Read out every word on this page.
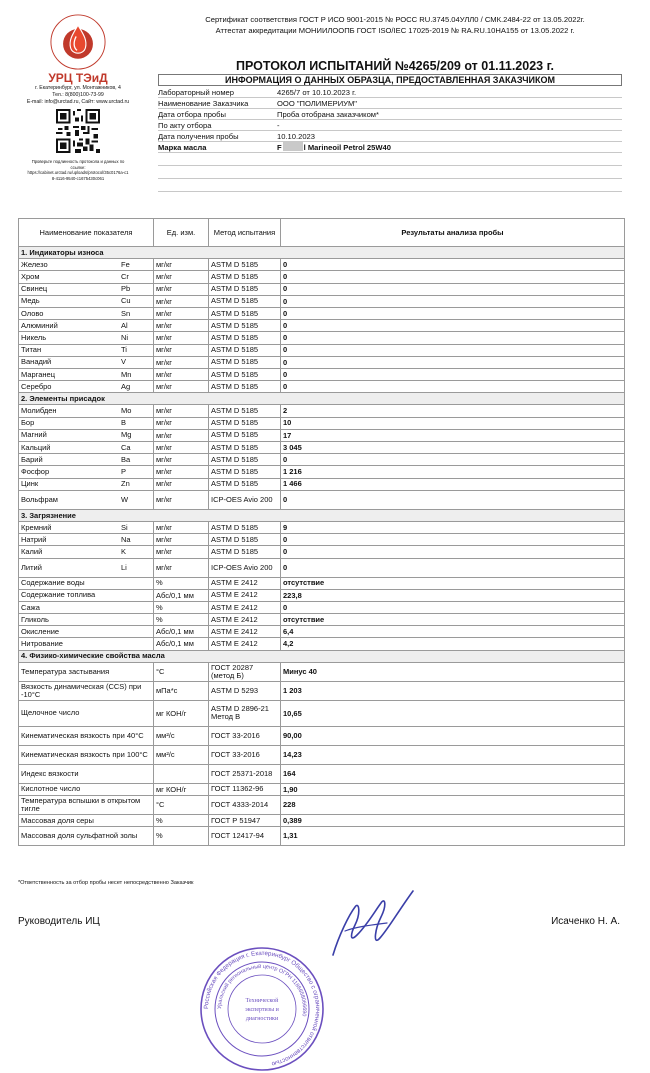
УРЦ ТЭиД
г. Екатеринбург, ул. Монтажников, 4
Тел.: 8(800)100-73-99
E-mail: info@urctad.ru, Сайт: www.urctad.ru
Проверьте подлинность протокола и данных по
ссылке:
https://cabinet.urctad.ru/uploads/protocol/35c0176a-c1
8-4116-9540-c1675430c061
Сертификат соответствия ГОСТ Р ИСО 9001-2015 № РОСС RU.3745.04УЛЛ0 / СМК.2484-22 от 13.05.2022г.
Аттестат аккредитации МОНИИЛООПБ ГОСТ ISO/IEC 17025-2019 № RA.RU.10НА155 от 13.05.2022 г.
ПРОТОКОЛ ИСПЫТАНИЙ №4265/209 от 01.11.2023 г.
ИНФОРМАЦИЯ О ДАННЫХ ОБРАЗЦА, ПРЕДОСТАВЛЕННАЯ ЗАКАЗЧИКОМ
Лабораторный номер	4265/7 от 10.10.2023 г.
Наименование Заказчика	ООО "ПОЛИМЕРИУМ"
Дата отбора пробы	Проба отобрана заказчиком*
По акту отбора	-
Дата получения пробы	10.10.2023
Марка масла	F	l Marineoil Petrol 25W40
Наименование показателя	Ед. изм.	Метод испытания	Результаты анализа пробы
1. Индикаторы износа			
Железо Fe	мг/кг	ASTM D 5185	0
Хром Cr	мг/кг	ASTM D 5185	0
Свинец Pb	мг/кг	ASTM D 5185	0
Медь Cu	мг/кг	ASTM D 5185	0
Олово Sn	мг/кг	ASTM D 5185	0
Алюминий Al	мг/кг	ASTM D 5185	0
Никель Ni	мг/кг	ASTM D 5185	0
Титан Ti	мг/кг	ASTM D 5185	0
Ванадий V	мг/кг	ASTM D 5185	0
Марганец Mn	мг/кг	ASTM D 5185	0
Серебро Ag	мг/кг	ASTM D 5185	0
2. Элементы присадок			
Молибден Mo	мг/кг	ASTM D 5185	2
Бор B	мг/кг	ASTM D 5185	10
Магний Mg	мг/кг	ASTM D 5185	17
Кальций Ca	мг/кг	ASTM D 5185	3 045
Барий Ba	мг/кг	ASTM D 5185	0
Фосфор P	мг/кг	ASTM D 5185	1 216
Цинк Zn	мг/кг	ASTM D 5185	1 466
Вольфрам W	мг/кг	ICP-OES Avio 200	0
3. Загрязнение			
Кремний Si	мг/кг	ASTM D 5185	9
Натрий Na	мг/кг	ASTM D 5185	0
Калий K	мг/кг	ASTM D 5185	0
Литий Li	мг/кг	ICP-OES Avio 200	0
Содержание воды	%	ASTM E 2412	отсутствие
Содержание топлива	Абс/0,1 мм	ASTM E 2412	223,8
Сажа	%	ASTM E 2412	0
Гликоль	%	ASTM E 2412	отсутствие
Окисление	Абс/0,1 мм	ASTM E 2412	6,4
Нитрование	Абс/0,1 мм	ASTM E 2412	4,2
4. Физико-химические свойства масла			
Температура застывания	°С	ГОСТ 20287 (метод Б)	Минус 40
Вязкость динамическая (CCS) при -10°С	мПа*с	ASTM D 5293	1 203
Щелочное число	мг КОН/г	ASTM D 2896-21 Метод В	10,65
Кинематическая вязкость при 40°С	мм²/с	ГОСТ 33-2016	90,00
Кинематическая вязкость при 100°С	мм²/с	ГОСТ 33-2016	14,23
Индекс вязкости		ГОСТ 25371-2018	164
Кислотное число	мг КОН/г	ГОСТ 11362-96	1,90
Температура вспышки в открытом тигле	°С	ГОСТ 4333-2014	228
Массовая доля серы	%	ГОСТ Р 51947	0,389
Массовая доля сульфатной золы	%	ГОСТ 12417-94	1,31
*Ответственность за отбор пробы несет непосредственно Заказчик
Руководитель ИЦ	Исаченко Н. А.
Российская Федерация г. Екатеринбург Общество с ограниченной ответственностью
Уральский региональный центр ОГРН 1186658066690
Технической
экспертизы и
диагностики
